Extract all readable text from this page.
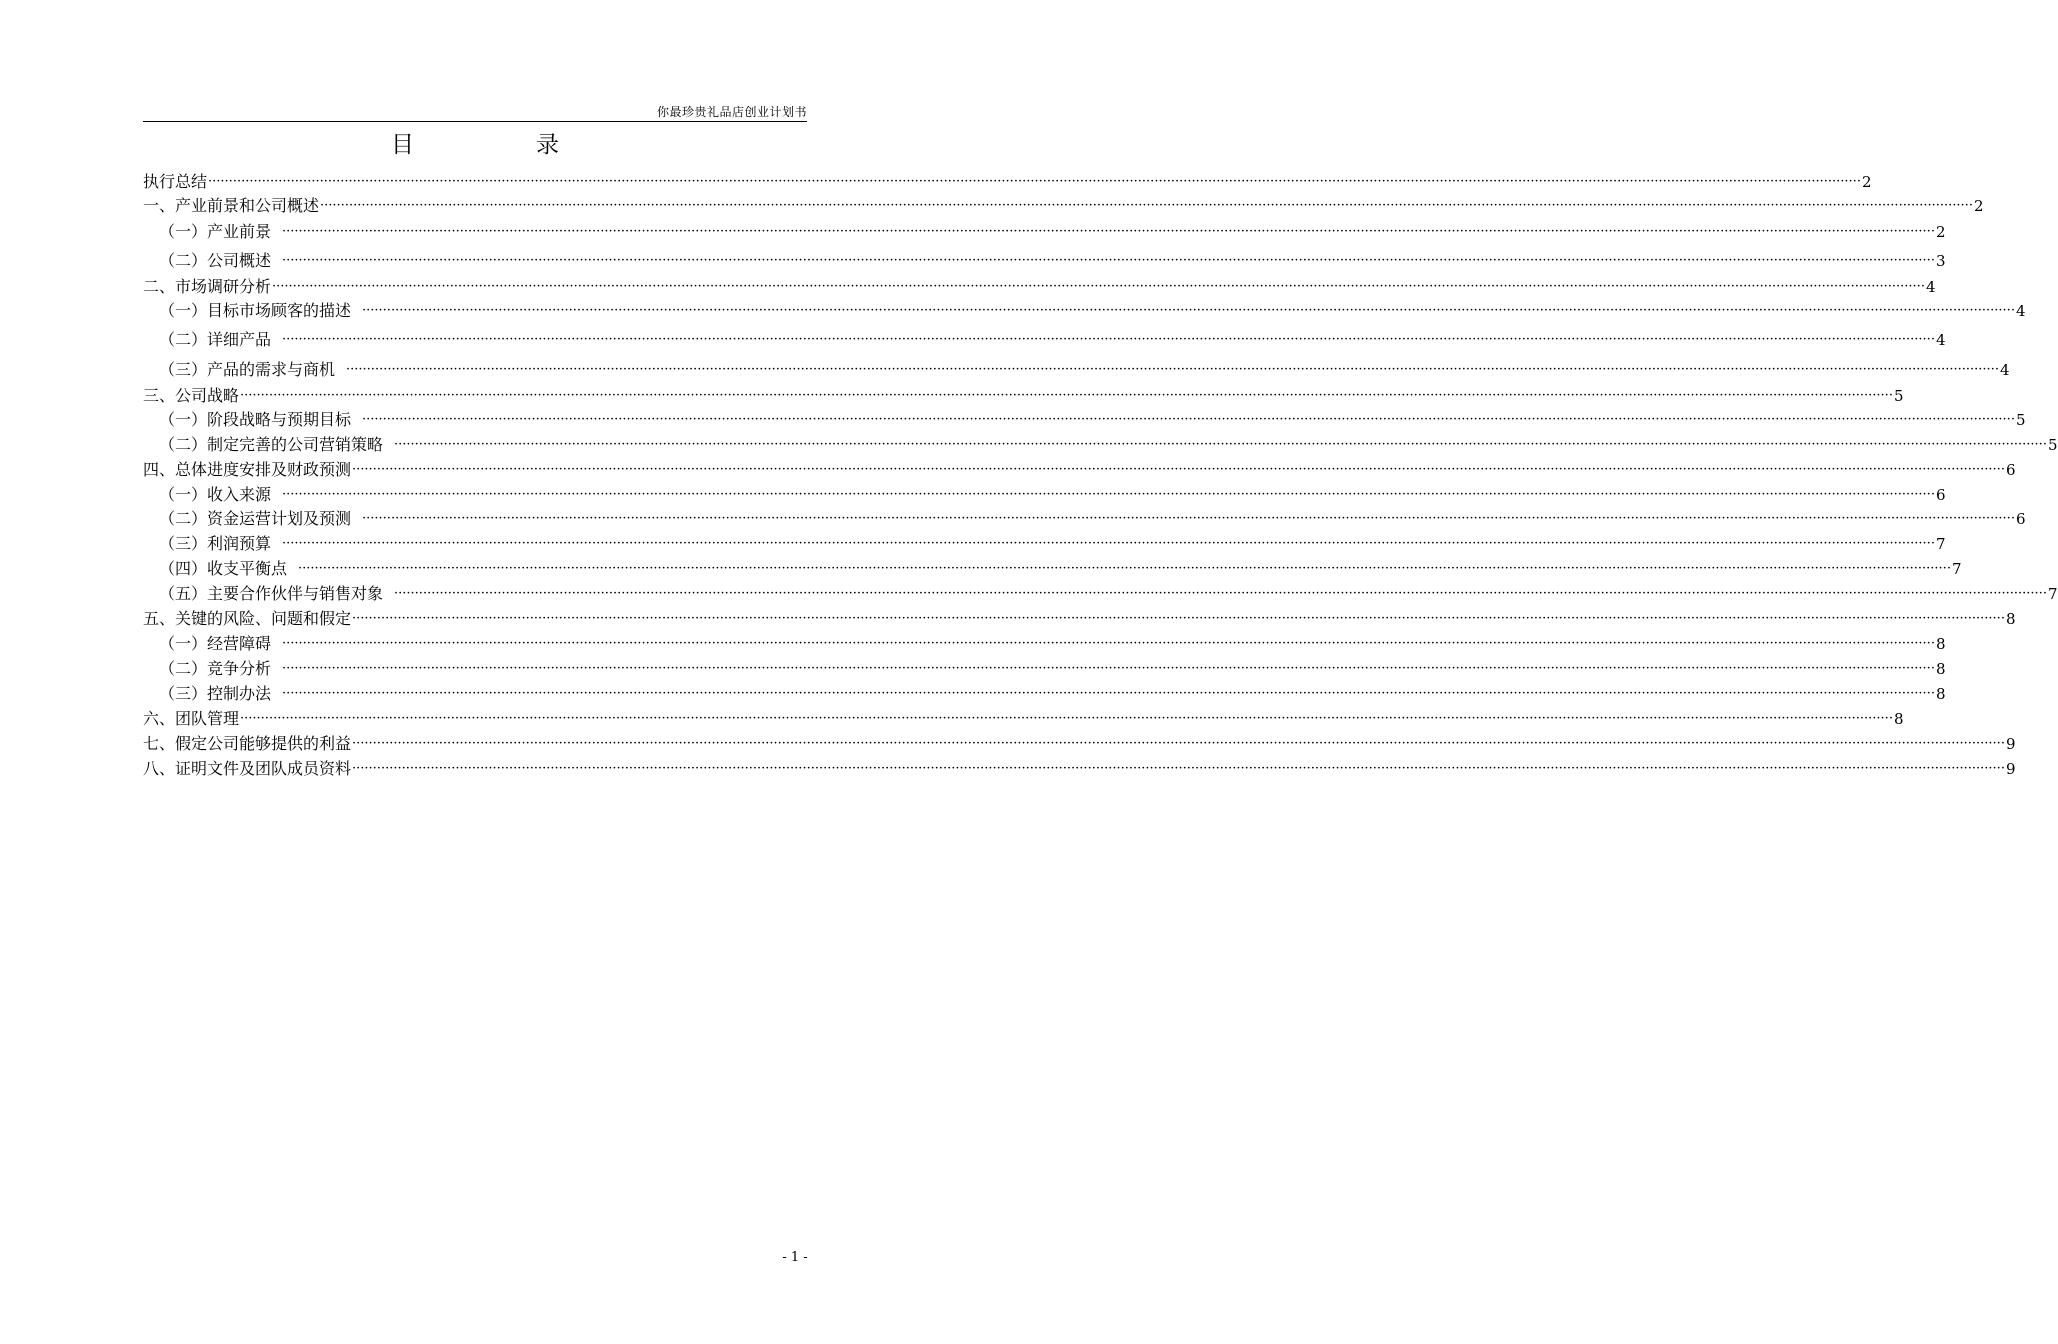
你最珍贵礼品店创业计划书
目	录
执行总结 ················································································································································································································································································································································································································ 2
一、产业前景和公司概述 ················································································································································································································································································································································································································ 2
（一）产业前景 ················································································································································································································································································································································································································ 2
（二）公司概述 ················································································································································································································································································································································································································ 3
二、市场调研分析 ················································································································································································································································································································································································································ 4
（一）目标市场顾客的描述 ················································································································································································································································································································································································································ 4
（二）详细产品 ················································································································································································································································································································································································································ 4
（三）产品的需求与商机 ················································································································································································································································································································································································································ 4
三、公司战略 ················································································································································································································································································································································································································ 5
（一）阶段战略与预期目标 ················································································································································································································································································································································································································ 5
（二）制定完善的公司营销策略 ················································································································································································································································································································································································································ 5
四、总体进度安排及财政预测 ················································································································································································································································································································································································································ 6
（一）收入来源 ················································································································································································································································································································································································································ 6
（二）资金运营计划及预测 ················································································································································································································································································································································································································ 6
（三）利润预算 ················································································································································································································································································································································································································ 7
（四）收支平衡点 ················································································································································································································································································································································································································ 7
（五）主要合作伙伴与销售对象 ················································································································································································································································································································································································································ 7
五、关键的风险、问题和假定 ················································································································································································································································································································································································································ 8
（一）经营障碍 ················································································································································································································································································································································································································ 8
（二）竞争分析 ················································································································································································································································································································································································································ 8
（三）控制办法 ················································································································································································································································································································································································································ 8
六、团队管理 ················································································································································································································································································································································································································ 8
七、假定公司能够提供的利益 ················································································································································································································································································································································································································ 9
八、证明文件及团队成员资料 ················································································································································································································································································································································································································ 9
- 1 -
